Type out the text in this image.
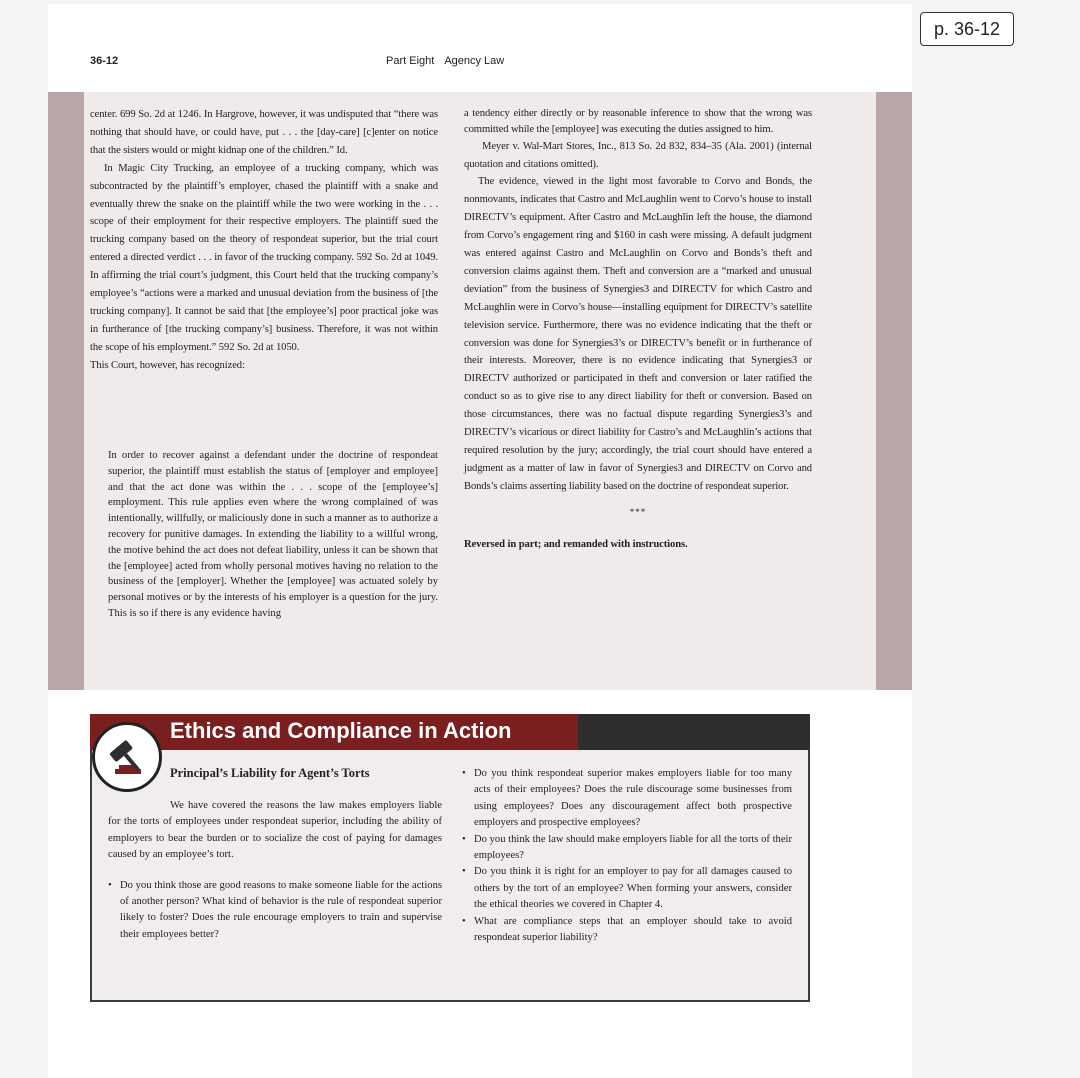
p. 36-12
36-12	Part Eight Agency Law

center. 699 So. 2d at 1246. In Hargrove, however, it was undisputed that “there was nothing that should have, or could have, put . . . the [day-care] [c]enter on notice that the sisters would or might kidnap one of the children.” Id.

In Magic City Trucking, an employee of a trucking company, which was subcontracted by the plaintiff’s employer, chased the plaintiff with a snake and eventually threw the snake on the plaintiff while the two were working in the . . . scope of their employment for their respective employers. The plaintiff sued the trucking company based on the theory of respondeat superior, but the trial court entered a directed verdict . . . in favor of the trucking company. 592 So. 2d at 1049. In affirming the trial court’s judgment, this Court held that the trucking company’s employee’s “actions were a marked and unusual deviation from the business of [the trucking company]. It cannot be said that [the employee’s] poor practical joke was in furtherance of [the trucking company’s] business. Therefore, it was not within the scope of his employment.” 592 So. 2d at 1050.

This Court, however, has recognized:

In order to recover against a defendant under the doctrine of respondeat superior, the plaintiff must establish the status of [employer and employee] and that the act done was within the . . . scope of the [employee’s] employment. This rule applies even where the wrong complained of was intentionally, willfully, or maliciously done in such a manner as to authorize a recovery for punitive damages. In extending the liability to a willful wrong, the motive behind the act does not defeat liability, unless it can be shown that the [employee] acted from wholly personal motives having no relation to the business of the [employer]. Whether the [employee] was actuated solely by personal motives or by the interests of his employer is a question for the jury. This is so if there is any evidence having

a tendency either directly or by reasonable inference to show that the wrong was committed while the [employee] was executing the duties assigned to him.

Meyer v. Wal-Mart Stores, Inc., 813 So. 2d 832, 834–35 (Ala. 2001) (internal quotation and citations omitted).

The evidence, viewed in the light most favorable to Corvo and Bonds, the nonmovants, indicates that Castro and McLaughlin went to Corvo’s house to install DIRECTV’s equipment. After Castro and McLaughlin left the house, the diamond from Corvo’s engagement ring and $160 in cash were missing. A default judgment was entered against Castro and McLaughlin on Corvo and Bonds’s theft and conversion claims against them. Theft and conversion are a “marked and unusual deviation” from the business of Synergies3 and DIRECTV for which Castro and McLaughlin were in Corvo’s house—installing equipment for DIRECTV’s satellite television service. Furthermore, there was no evidence indicating that the theft or conversion was done for Synergies3’s or DIRECTV’s benefit or in furtherance of their interests. Moreover, there is no evidence indicating that Synergies3 or DIRECTV authorized or participated in theft and conversion or later ratified the conduct so as to give rise to any direct liability for theft or conversion. Based on those circumstances, there was no factual dispute regarding Synergies3’s and DIRECTV’s vicarious or direct liability for Castro’s and McLaughlin’s actions that required resolution by the jury; accordingly, the trial court should have entered a judgment as a matter of law in favor of Synergies3 and DIRECTV on Corvo and Bonds’s claims asserting liability based on the doctrine of respondeat superior.

***
Reversed in part; and remanded with instructions.
Ethics and Compliance in Action
Principal’s Liability for Agent’s Torts

We have covered the reasons the law makes employers liable for the torts of employees under respondeat superior, including the ability of employers to bear the burden or to socialize the cost of paying for damages caused by an employee’s tort.

• Do you think those are good reasons to make someone liable for the actions of another person? What kind of behavior is the rule of respondeat superior likely to foster? Does the rule encourage employers to train and supervise their employees better?
• Do you think respondeat superior makes employers liable for too many acts of their employees? Does the rule discourage some businesses from using employees? Does any discouragement affect both prospective employers and prospective employees?
• Do you think the law should make employers liable for all the torts of their employees?
• Do you think it is right for an employer to pay for all damages caused to others by the tort of an employee? When forming your answers, consider the ethical theories we covered in Chapter 4.
• What are compliance steps that an employer should take to avoid respondeat superior liability?
